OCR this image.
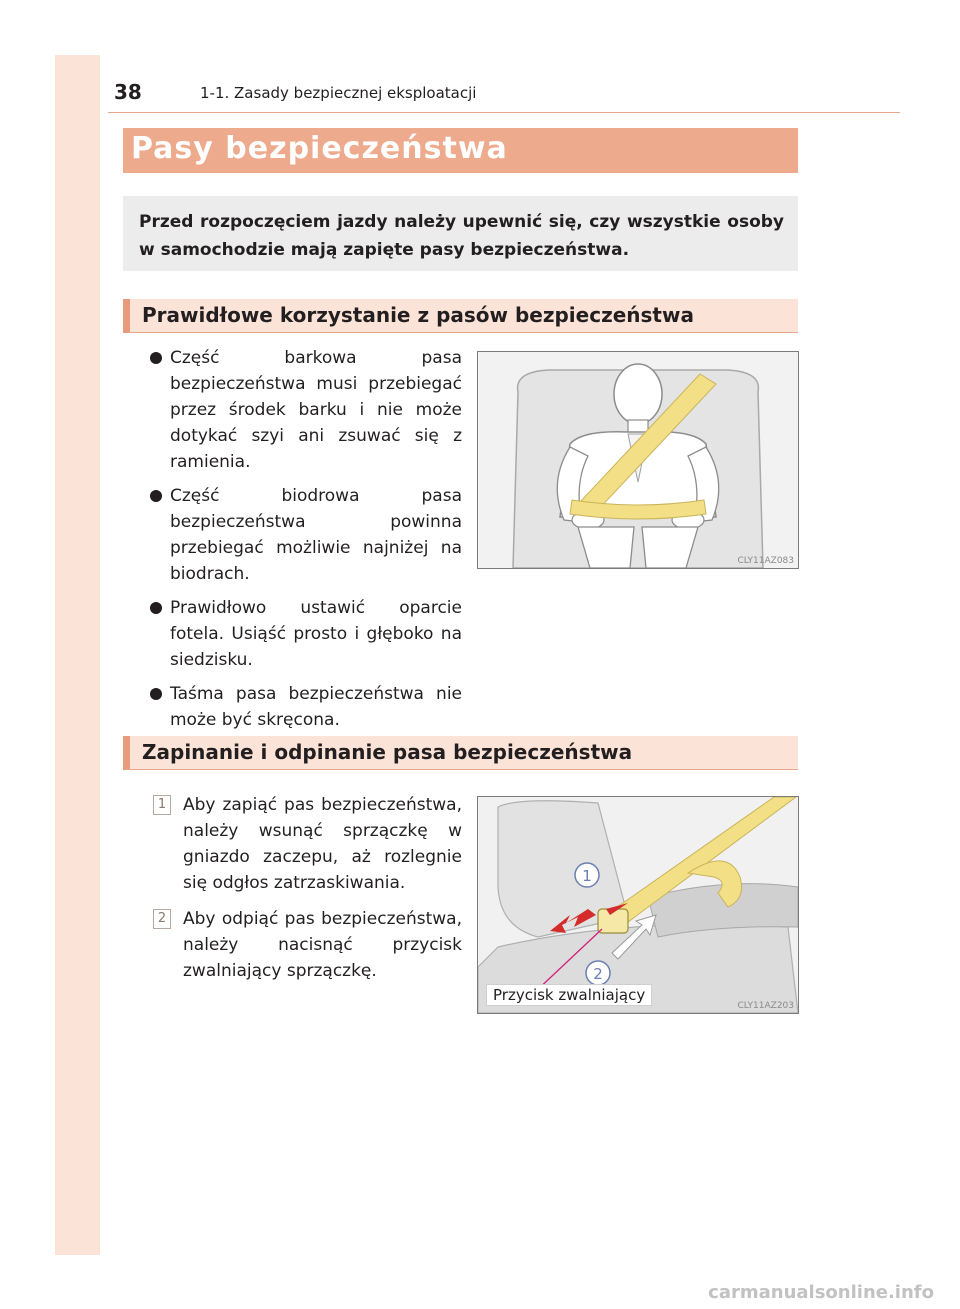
38	1-1. Zasady bezpiecznej eksploatacji
Pasy bezpieczeństwa
Przed rozpoczęciem jazdy należy upewnić się, czy wszystkie osoby w samochodzie mają zapięte pasy bezpieczeństwa.
Prawidłowe korzystanie z pasów bezpieczeństwa
Część barkowa pasa bezpieczeństwa musi przebiegać przez środek barku i nie może dotykać szyi ani zsuwać się z ramienia.
Część biodrowa pasa bezpieczeństwa powinna przebiegać możliwie najniżej na biodrach.
Prawidłowo ustawić oparcie fotela. Usiąść prosto i głęboko na siedzisku.
Taśma pasa bezpieczeństwa nie może być skręcona.
CLY11AZ083
Zapinanie i odpinanie pasa bezpieczeństwa
1 Aby zapiąć pas bezpieczeństwa, należy wsunąć sprzączkę w gniazdo zaczepu, aż rozlegnie się odgłos zatrzaskiwania.
2 Aby odpiąć pas bezpieczeństwa, należy nacisnąć przycisk zwalniający sprzączkę.
1
2
Przycisk zwalniający
CLY11AZ203
carmanualsonline.info
